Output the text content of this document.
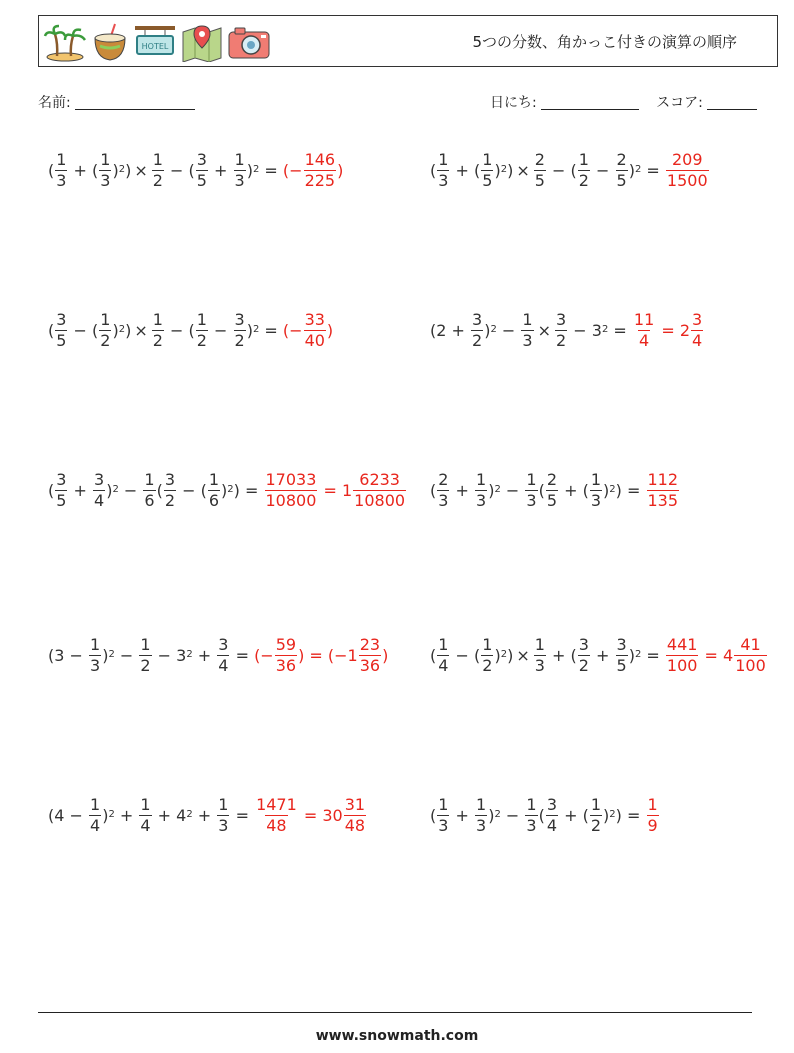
HOTEL	5つの分数、角かっこ付きの演算の順序
名前:	日にち:	スコア:
( $\frac{1}{3}$ + ( $\frac{1}{3}$ ) 2 ) × $\frac{1}{2}$ − ( $\frac{3}{5} + \frac{1}{3}$ ) 2 = (− $\frac{146}{225}$ )	( $\frac{1}{3}$ + ( $\frac{1}{5}$ ) 2 ) × $\frac{2}{5}$ − ( $\frac{1}{2} - \frac{2}{5}$ ) $2 = \frac{209}{1500}$
( $\frac{3}{5}$ − ( $\frac{1}{2}$ ) 2 ) × $\frac{1}{2}$ − ( $\frac{1}{2} - \frac{3}{2}$ ) 2 = (− $\frac{33}{40}$ )	($2 + \frac{3}{2}$ ) $2 - \frac{1}{3} \times \frac{3}{2} - 3$ $2 = \frac{11}{4} = 2 \frac{3}{4}$
( $\frac{3}{5} + \frac{3}{4}$ ) $2 - \frac{1}{6}$ ( $\frac{3}{2}$ − ( $\frac{1}{6}$ ) 2 ) = $\frac{17033}{10800} = 1 \frac{6233}{10800}$ ( $\frac{2}{3} + \frac{1}{3}$ ) $2 - \frac{1}{3}$ ( $\frac{2}{5}$ + ( $\frac{1}{3}$ ) 2 ) = $\frac{112}{135}$
($3 - \frac{1}{3}$ ) $2 - \frac{1}{2} - 3$ $2 + \frac{3}{4}$ = (− $\frac{59}{36}$ ) = ($-1 \frac{23}{36}$ )	( $\frac{1}{4}$ − ( $\frac{1}{2}$ ) 2 ) × $\frac{1}{3}$ + ( $\frac{3}{2} + \frac{3}{5}$ ) $2 = \frac{441}{100} = 4 \frac{41}{100}$
($4 - \frac{1}{4}$ ) $2 + \frac{1}{4} + 4$ $2 + \frac{1}{3} = \frac{1471}{48} = 30 \frac{31}{48}$	( $\frac{1}{3} + \frac{1}{3}$ ) $2 - \frac{1}{3}$ ( $\frac{3}{4}$ + ( $\frac{1}{2}$ ) 2 ) = $\frac{1}{9}$
www.snowmath.com
